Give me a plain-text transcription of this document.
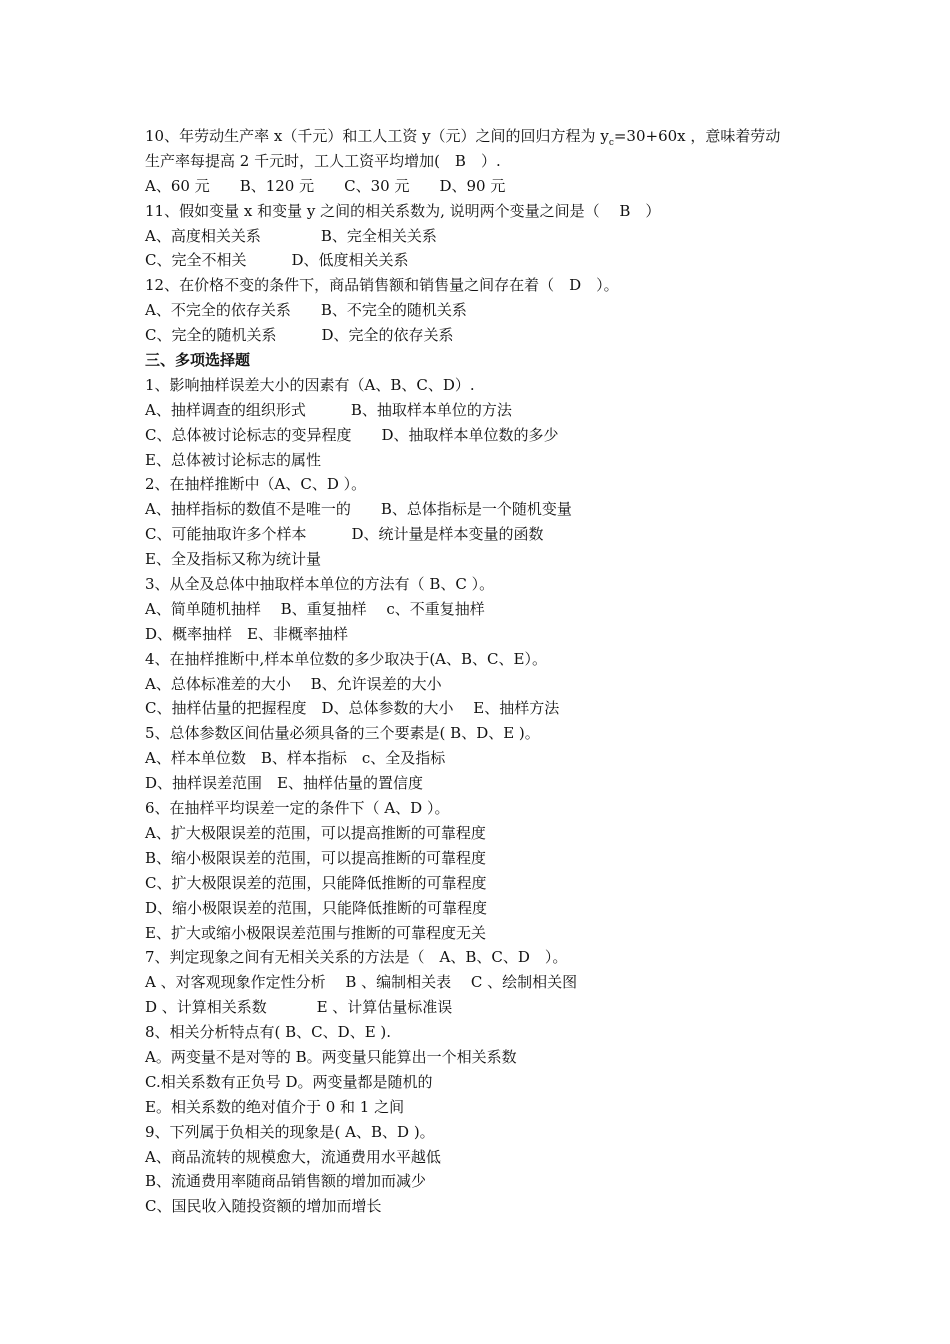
10、年劳动生产率 x（千元）和工人工资 y（元）之间的回归方程为 $y_c=30+60x$ ，意味着劳动
生产率每提高 2 千元时，工人工资平均增加(　B　）.
A、60 元　　B、120 元　　C、30 元　　D、90 元
11、假如变量 x 和变量 y 之间的相关系数为, 说明两个变量之间是（　 B　）
A、高度相关关系　　　　B、完全相关关系
C、完全不相关　　　D、低度相关关系
12、在价格不变的条件下，商品销售额和销售量之间存在着（　D　）。
A、不完全的依存关系　　B、不完全的随机关系
C、完全的随机关系　　　D、完全的依存关系
三、多项选择题
1、影响抽样误差大小的因素有（A、B、C、D）.
A、抽样调查的组织形式　　　B、抽取样本单位的方法
C、总体被讨论标志的变异程度　　D、抽取样本单位数的多少
E、总体被讨论标志的属性
2、在抽样推断中（A、C、D ）。
A、抽样指标的数值不是唯一的　　B、总体指标是一个随机变量
C、可能抽取许多个样本　　　D、统计量是样本变量的函数
E、全及指标又称为统计量
3、从全及总体中抽取样本单位的方法有（ B、C ）。
A、简单随机抽样　 B、重复抽样　 c、不重复抽样
D、概率抽样　E、非概率抽样
4、在抽样推断中,样本单位数的多少取决于(A、B、C、E）。
A、总体标准差的大小　 B、允许误差的大小
C、抽样估量的把握程度　D、总体参数的大小　 E、抽样方法
5、总体参数区间估量必须具备的三个要素是( B、D、E )。
A、样本单位数　B、样本指标　c、全及指标
D、抽样误差范围　E、抽样估量的置信度
6、在抽样平均误差一定的条件下（ A、D ）。
A、扩大极限误差的范围，可以提高推断的可靠程度
B、缩小极限误差的范围，可以提高推断的可靠程度
C、扩大极限误差的范围，只能降低推断的可靠程度
D、缩小极限误差的范围，只能降低推断的可靠程度
E、扩大或缩小极限误差范围与推断的可靠程度无关
7、判定现象之间有无相关关系的方法是（　A、B、C、D　）。
A 、对客观现象作定性分析　 B 、编制相关表　 C 、绘制相关图
D 、计算相关系数　　　 E 、计算估量标准误
8、相关分析特点有( B、C、D、E ).
A。两变量不是对等的 B。两变量只能算出一个相关系数
C.相关系数有正负号 D。两变量都是随机的
E。相关系数的绝对值介于 0 和 1 之间
9、下列属于负相关的现象是( A、B、D )。
A、商品流转的规模愈大，流通费用水平越低
B、流通费用率随商品销售额的增加而减少
C、国民收入随投资额的增加而增长
